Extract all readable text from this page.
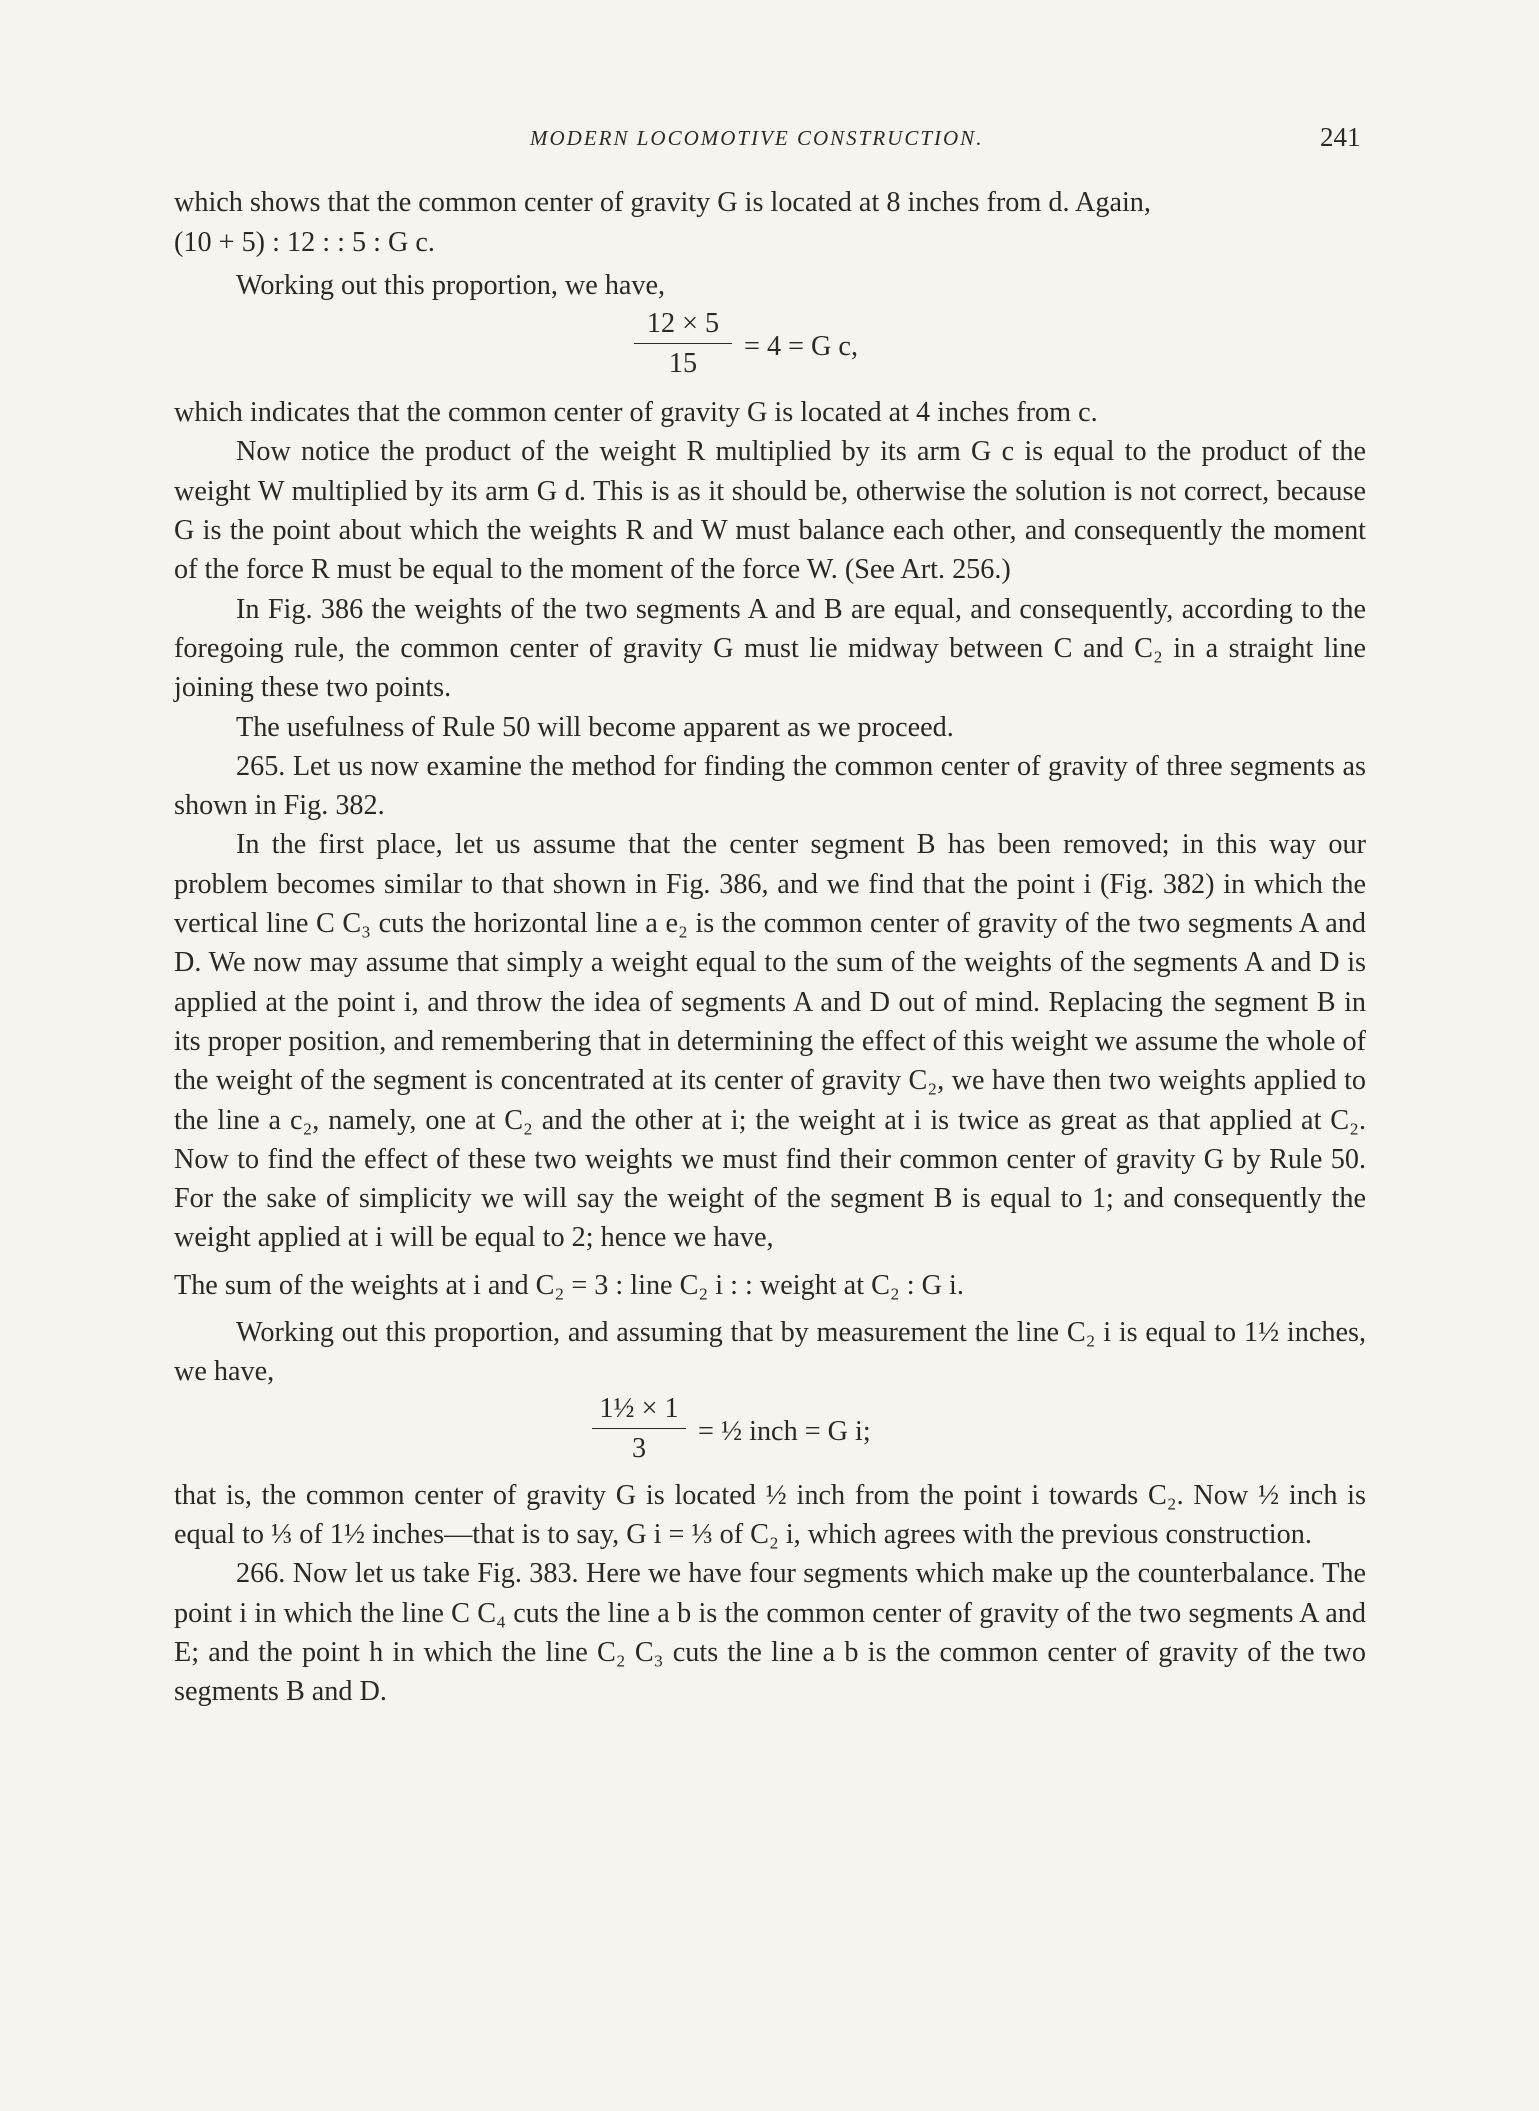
MODERN LOCOMOTIVE CONSTRUCTION.	241

which shows that the common center of gravity G is located at 8 inches from d. Again,

(10 + 5) : 12 : : 5 : G c.

Working out this proportion, we have,

12 × 5
15
= 4 = G c,

which indicates that the common center of gravity G is located at 4 inches from c.

Now notice the product of the weight R multiplied by its arm G c is equal to the product of the weight W multiplied by its arm G d. This is as it should be, otherwise the solution is not correct, because G is the point about which the weights R and W must balance each other, and consequently the moment of the force R must be equal to the moment of the force W. (See Art. 256.)

In Fig. 386 the weights of the two segments A and B are equal, and consequently, according to the foregoing rule, the common center of gravity G must lie midway between C and C₂ in a straight line joining these two points.

The usefulness of Rule 50 will become apparent as we proceed.

265. Let us now examine the method for finding the common center of gravity of three segments as shown in Fig. 382.

In the first place, let us assume that the center segment B has been removed; in this way our problem becomes similar to that shown in Fig. 386, and we find that the point i (Fig. 382) in which the vertical line C C₃ cuts the horizontal line a e₂ is the common center of gravity of the two segments A and D. We now may assume that simply a weight equal to the sum of the weights of the segments A and D is applied at the point i, and throw the idea of segments A and D out of mind. Replacing the segment B in its proper position, and remembering that in determining the effect of this weight we assume the whole of the weight of the segment is concentrated at its center of gravity C₂, we have then two weights applied to the line a c₂, namely, one at C₂ and the other at i; the weight at i is twice as great as that applied at C₂. Now to find the effect of these two weights we must find their common center of gravity G by Rule 50. For the sake of simplicity we will say the weight of the segment B is equal to 1; and consequently the weight applied at i will be equal to 2; hence we have,

The sum of the weights at i and C₂ = 3 : line C₂ i : : weight at C₂ : G i.

Working out this proportion, and assuming that by measurement the line C₂ i is equal to 1½ inches, we have,

1½ × 1
3
= ½ inch = G i;

that is, the common center of gravity G is located ½ inch from the point i towards C₂. Now ½ inch is equal to ⅓ of 1½ inches—that is to say, G i = ⅓ of C₂ i, which agrees with the previous construction.

266. Now let us take Fig. 383. Here we have four segments which make up the counterbalance. The point i in which the line C C₄ cuts the line a b is the common center of gravity of the two segments A and E; and the point h in which the line C₂ C₃ cuts the line a b is the common center of gravity of the two segments B and D.
